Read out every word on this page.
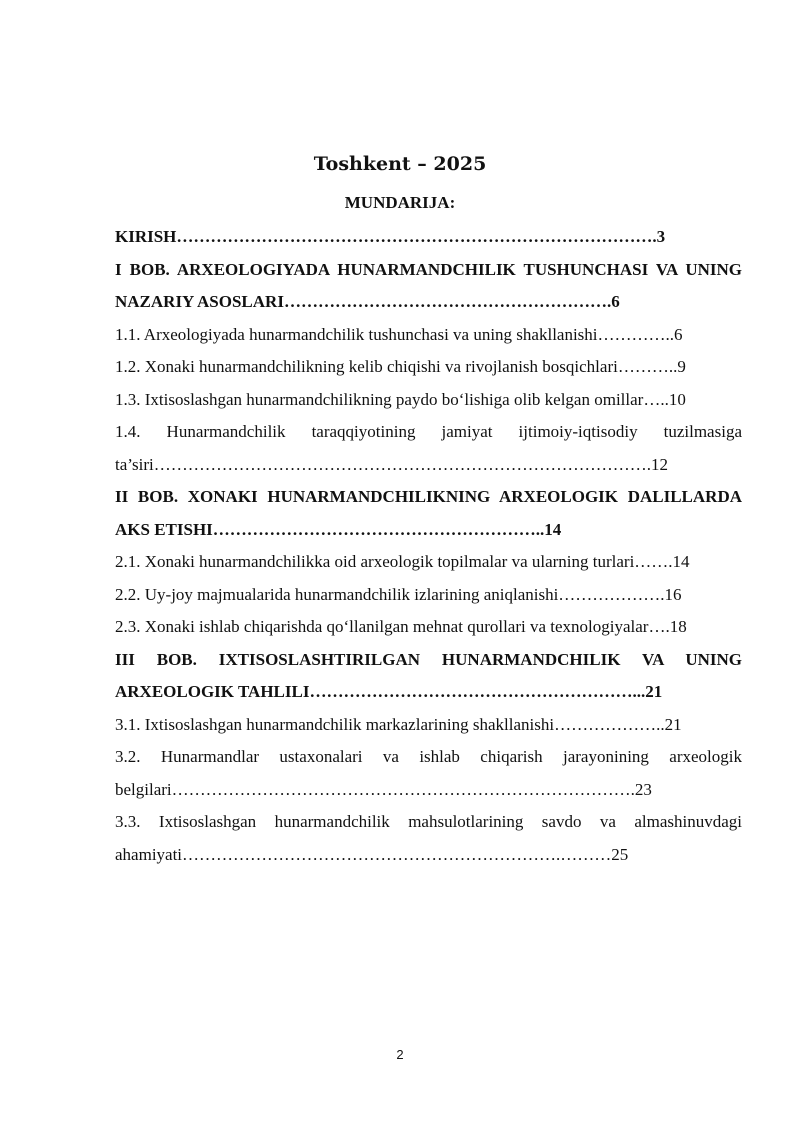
Toshkent – 2025
MUNDARIJA:
KIRISH………………………………………………………………………….3
I BOB. ARXEOLOGIYADA HUNARMANDCHILIK TUSHUNCHASI VA UNING NAZARIY ASOSLARI………………………………………………….6
1.1. Arxeologiyada hunarmandchilik tushunchasi va uning shakllanishi…………..6
1.2. Xonaki hunarmandchilikning kelib chiqishi va rivojlanish bosqichlari………..9
1.3. Ixtisoslashgan hunarmandchilikning paydo bo‘lishiga olib kelgan omillar…..10
1.4. Hunarmandchilik taraqqiyotining jamiyat ijtimoiy-iqtisodiy tuzilmasiga ta’siri…………………………………………………………………………….12
II BOB. XONAKI HUNARMANDCHILIKNING ARXEOLOGIK DALILLARDA AKS ETISHI…………………………………………………..14
2.1. Xonaki hunarmandchilikka oid arxeologik topilmalar va ularning turlari…….14
2.2. Uy-joy majmualarida hunarmandchilik izlarining aniqlanishi……………….16
2.3. Xonaki ishlab chiqarishda qo‘llanilgan mehnat qurollari va texnologiyalar….18
III BOB. IXTISOSLASHTIRILGAN HUNARMANDCHILIK VA UNING ARXEOLOGIK TAHLILI…………………………………………………...21
3.1. Ixtisoslashgan hunarmandchilik markazlarining shakllanishi………………..21
3.2. Hunarmandlar ustaxonalari va ishlab chiqarish jarayonining arxeologik belgilari……………………………………………………………………….23
3.3. Ixtisoslashgan hunarmandchilik mahsulotlarining savdo va almashinuvdagi ahamiyati………………………………………………………….………25
2
